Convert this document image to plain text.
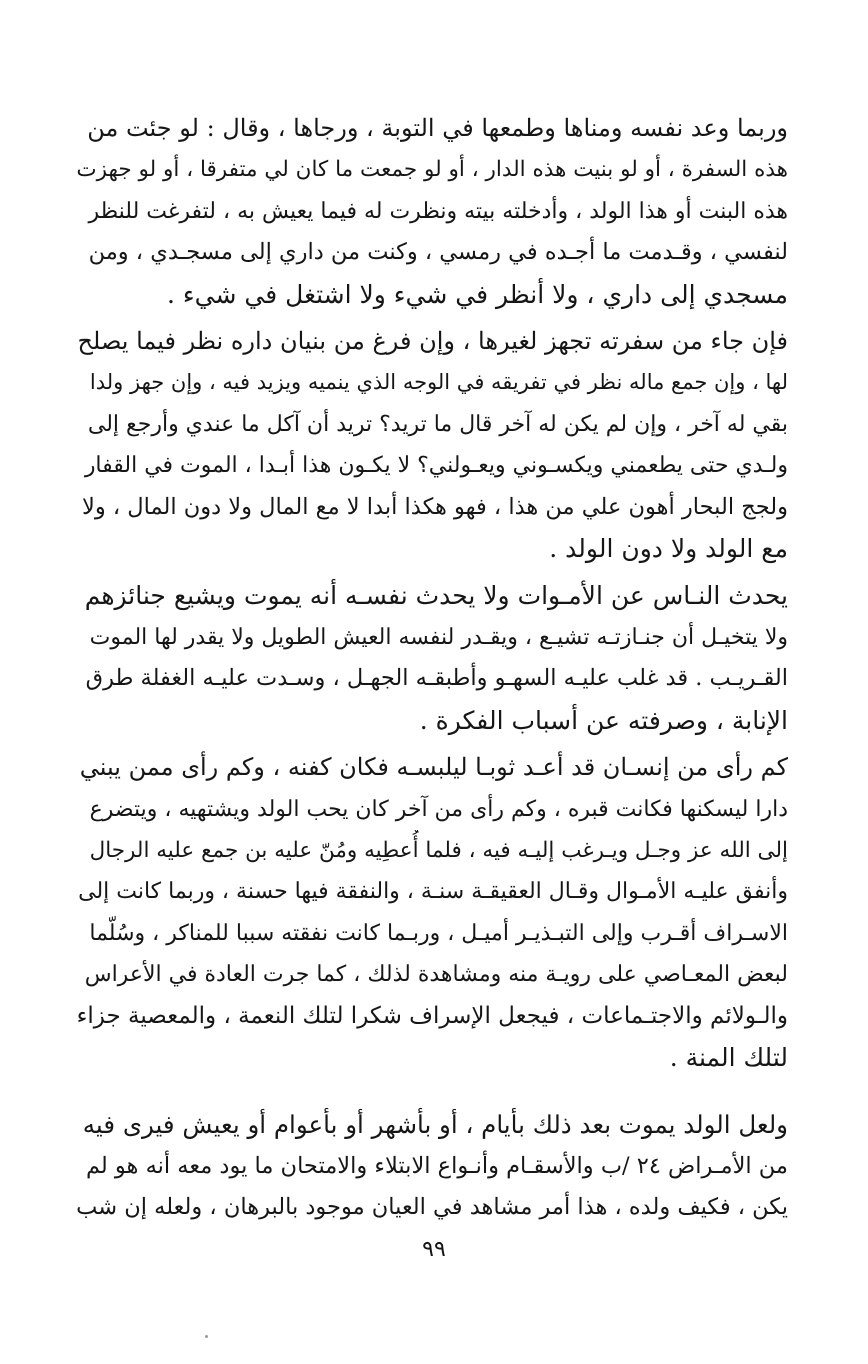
وربما وعد نفسه ومناها وطمعها في التوبة ، ورجاها ، وقال : لو جئت من
هذه السفرة ، أو لو بنيت هذه الدار ، أو لو جمعت ما كان لي متفرقا ، أو لو جهزت
هذه البنت أو هذا الولد ، وأدخلته بيته ونظرت له فيما يعيش به ، لتفرغت للنظر
لنفسي ، وقـدمت ما أجـده في رمسي ، وكنت من داري إلى مسجـدي ، ومن
مسجدي إلى داري ، ولا أنظر في شيء ولا اشتغل في شيء .

فإن جاء من سفرته تجهز لغيرها ، وإن فرغ من بنيان داره نظر فيما يصلح
لها ، وإن جمع ماله نظر في تفريقه في الوجه الذي ينميه ويزيد فيه ، وإن جهز ولدا
بقي له آخر ، وإن لم يكن له آخر قال ما تريد؟ تريد أن آكل ما عندي وأرجع إلى
ولـدي حتى يطعمني ويكسـوني ويعـولني؟ لا يكـون هذا أبـدا ، الموت في القفار
ولجج البحار أهون علي من هذا ، فهو هكذا أبدا لا مع المال ولا دون المال ، ولا
مع الولد ولا دون الولد .

يحدث النـاس عن الأمـوات ولا يحدث نفسـه أنه يموت ويشيع جنائزهم
ولا يتخيـل أن جنـازتـه تشيـع ، ويقـدر لنفسه العيش الطويل ولا يقدر لها الموت
القـريـب . قد غلب عليـه السهـو وأطبقـه الجهـل ، وسـدت عليـه الغفلة طرق
الإنابة ، وصرفته عن أسباب الفكرة .

كم رأى من إنسـان قد أعـد ثوبـا ليلبسـه فكان كفنه ، وكم رأى ممن يبني
دارا ليسكنها فكانت قبره ، وكم رأى من آخر كان يحب الولد ويشتهيه ، ويتضرع
إلى الله عز وجـل ويـرغب إليـه فيه ، فلما أُعطِيه ومُنّ عليه بن جمع عليه الرجال
وأنفق عليـه الأمـوال وقـال العقيقـة سنـة ، والنفقة فيها حسنة ، وربما كانت إلى
الاسـراف أقـرب وإلى التبـذيـر أميـل ، وربـما كانت نفقته سببا للمناكر ، وسُلّما
لبعض المعـاصي على رويـة منه ومشاهدة لذلك ، كما جرت العادة في الأعراس
والـولائم والاجتـماعات ، فيجعل الإسراف شكرا لتلك النعمة ، والمعصية جزاء
لتلك المنة .

ولعل الولد يموت بعد ذلك بأيام ، أو بأشهر أو بأعوام أو يعيش فيرى فيه
من الأمـراض ٢٤ /ب والأسقـام وأنـواع الابتلاء والامتحان ما يود معه أنه هو لم
يكن ، فكيف ولده ، هذا أمر مشاهد في العيان موجود بالبرهان ، ولعله إن شب

٩٩
